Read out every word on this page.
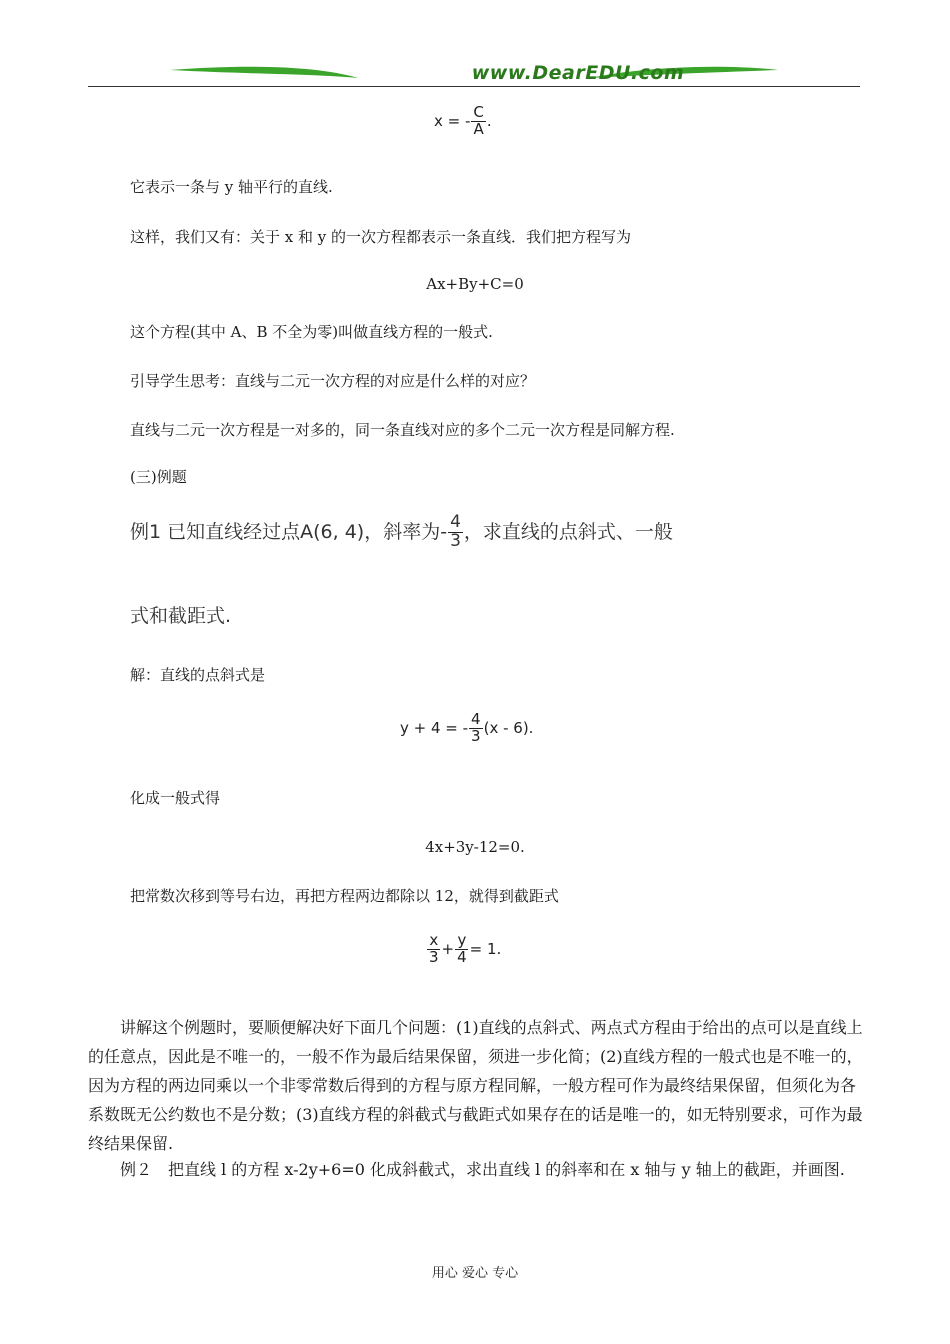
www.DearEDU.com
x = - $\frac{C}{A}$ .

它表示一条与 y 轴平行的直线.

这样，我们又有：关于 x 和 y 的一次方程都表示一条直线．我们把方程写为

Ax+By+C=0

这个方程(其中 A、B 不全为零)叫做直线方程的一般式.

引导学生思考：直线与二元一次方程的对应是什么样的对应？

直线与二元一次方程是一对多的，同一条直线对应的多个二元一次方程是同解方程.

(三)例题

例1 已知直线经过点A(6, 4)，斜率为- $\frac{4}{3}$ ，求直线的点斜式、一般

式和截距式.

解：直线的点斜式是

y + 4 = - $\frac{4}{3} (x - 6)$.

化成一般式得

4x+3y-12=0.

把常数次移到等号右边，再把方程两边都除以 12，就得到截距式

$\frac{x}{3} + \frac{y}{4} = 1$.

讲解这个例题时，要顺便解决好下面几个问题：(1)直线的点斜式、两点式方程由于给出的点可以是直线上的任意点，因此是不唯一的，一般不作为最后结果保留，须进一步化简；(2)直线方程的一般式也是不唯一的，因为方程的两边同乘以一个非零常数后得到的方程与原方程同解，一般方程可作为最终结果保留，但须化为各系数既无公约数也不是分数；(3)直线方程的斜截式与截距式如果存在的话是唯一的，如无特别要求，可作为最终结果保留.

例２　把直线 l 的方程 x-2y+6=0 化成斜截式，求出直线 l 的斜率和在 x 轴与 y 轴上的截距，并画图.

用心 爱心 专心
